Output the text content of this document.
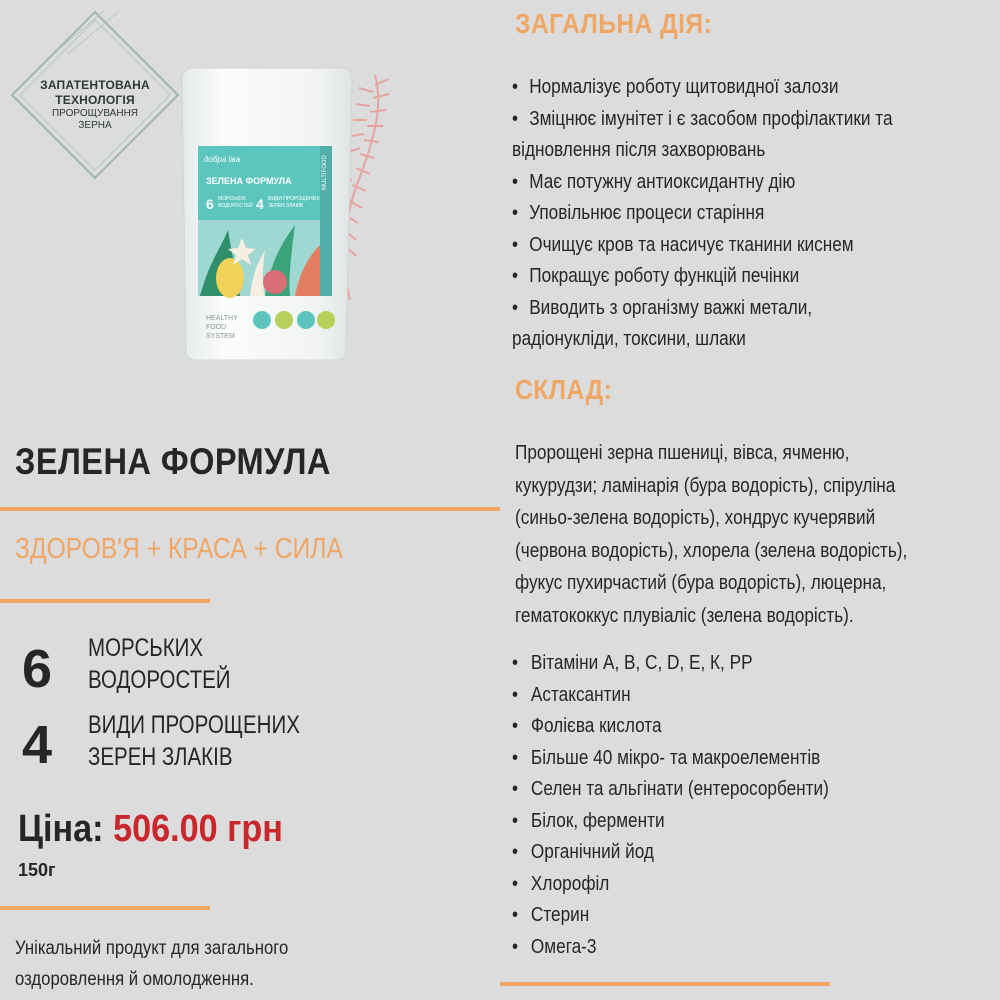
ЗАПАТЕНТОВАНА
ТЕХНОЛОГІЯ
ПРОРОЩУВАННЯ
ЗЕРНА
MULTIFOOD
добра їжа
ЗЕЛЕНА ФОРМУЛА
6 МОРСЬКИХ
ВОДОРОСТЕЙ 4 ВИДИ ПРОРОЩЕНИХ
ЗЕРЕН ЗЛАКІВ
HEALTHY
FOOD
SYSTEM
ЗЕЛЕНА ФОРМУЛА
ЗДОРОВ'Я + КРАСА + СИЛА
6 МОРСЬКИХ
ВОДОРОСТЕЙ
4 ВИДИ ПРОРОЩЕНИХ
ЗЕРЕН ЗЛАКІВ
Ціна: 506.00 грн
150г
Унікальний продукт для загального
оздоровлення й омолодження.
ЗАГАЛЬНА ДІЯ:
• Нормалізує роботу щитовидної залози
• Зміцнює імунітет і є засобом профілактики та
відновлення після захворювань
• Має потужну антиоксидантну дію
• Уповільнює процеси старіння
• Очищує кров та насичує тканини киснем
• Покращує роботу функцій печінки
• Виводить з організму важкі метали,
радіонукліди, токсини, шлаки
СКЛАД:
Пророщені зерна пшениці, вівса, ячменю,
кукурудзи; ламінарія (бура водорість), спіруліна
(синьо-зелена водорість), хондрус кучерявий
(червона водорість), хлорела (зелена водорість),
фукус пухирчастий (бура водорість), люцерна,
гематококкус плувіаліс (зелена водорість).
• Вітаміни А, В, С, D, Е, К, РР
• Астаксантин
• Фолієва кислота
• Більше 40 мікро- та макроелементів
• Селен та альгінати (ентеросорбенти)
• Білок, ферменти
• Органічний йод
• Хлорофіл
• Стерин
• Омега-3
